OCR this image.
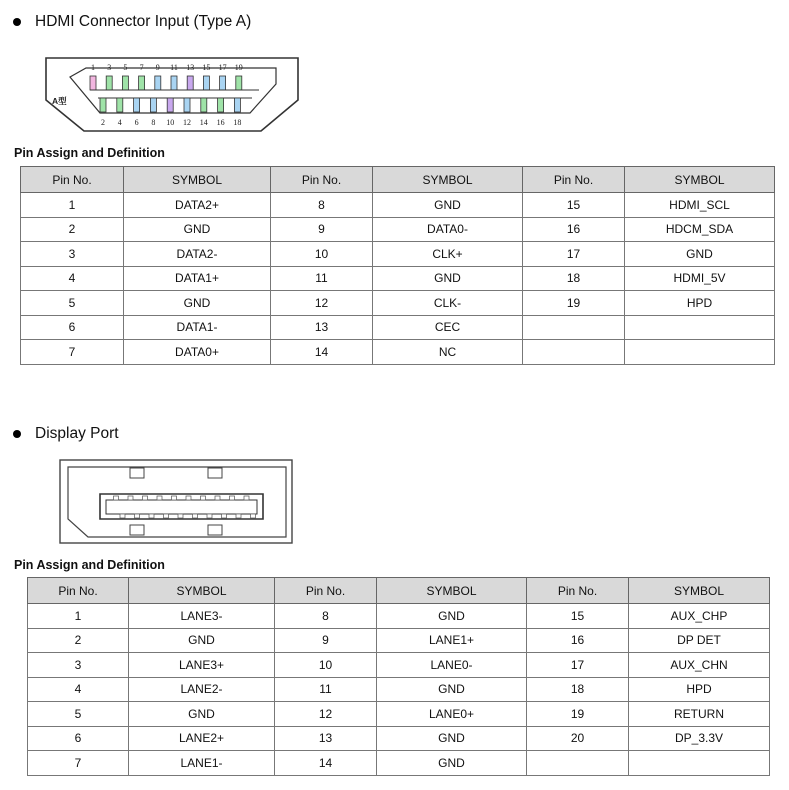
HDMI Connector Input (Type A)
1 3 5 7 9 11 13 15 17 19
2 4 6 8 10 12 14 16 18
A型
Pin Assign and Definition
Pin No.	SYMBOL	Pin No.	SYMBOL	Pin No.	SYMBOL
1	DATA2+	8	GND	15	HDMI_SCL
2	GND	9	DATA0-	16	HDCM_SDA
3	DATA2-	10	CLK+	17	GND
4	DATA1+	11	GND	18	HDMI_5V
5	GND	12	CLK-	19	HPD
6	DATA1-	13	CEC		
7	DATA0+	14	NC		
Display Port
Pin Assign and Definition
Pin No.	SYMBOL	Pin No.	SYMBOL	Pin No.	SYMBOL
1	LANE3-	8	GND	15	AUX_CHP
2	GND	9	LANE1+	16	DP DET
3	LANE3+	10	LANE0-	17	AUX_CHN
4	LANE2-	11	GND	18	HPD
5	GND	12	LANE0+	19	RETURN
6	LANE2+	13	GND	20	DP_3.3V
7	LANE1-	14	GND		
